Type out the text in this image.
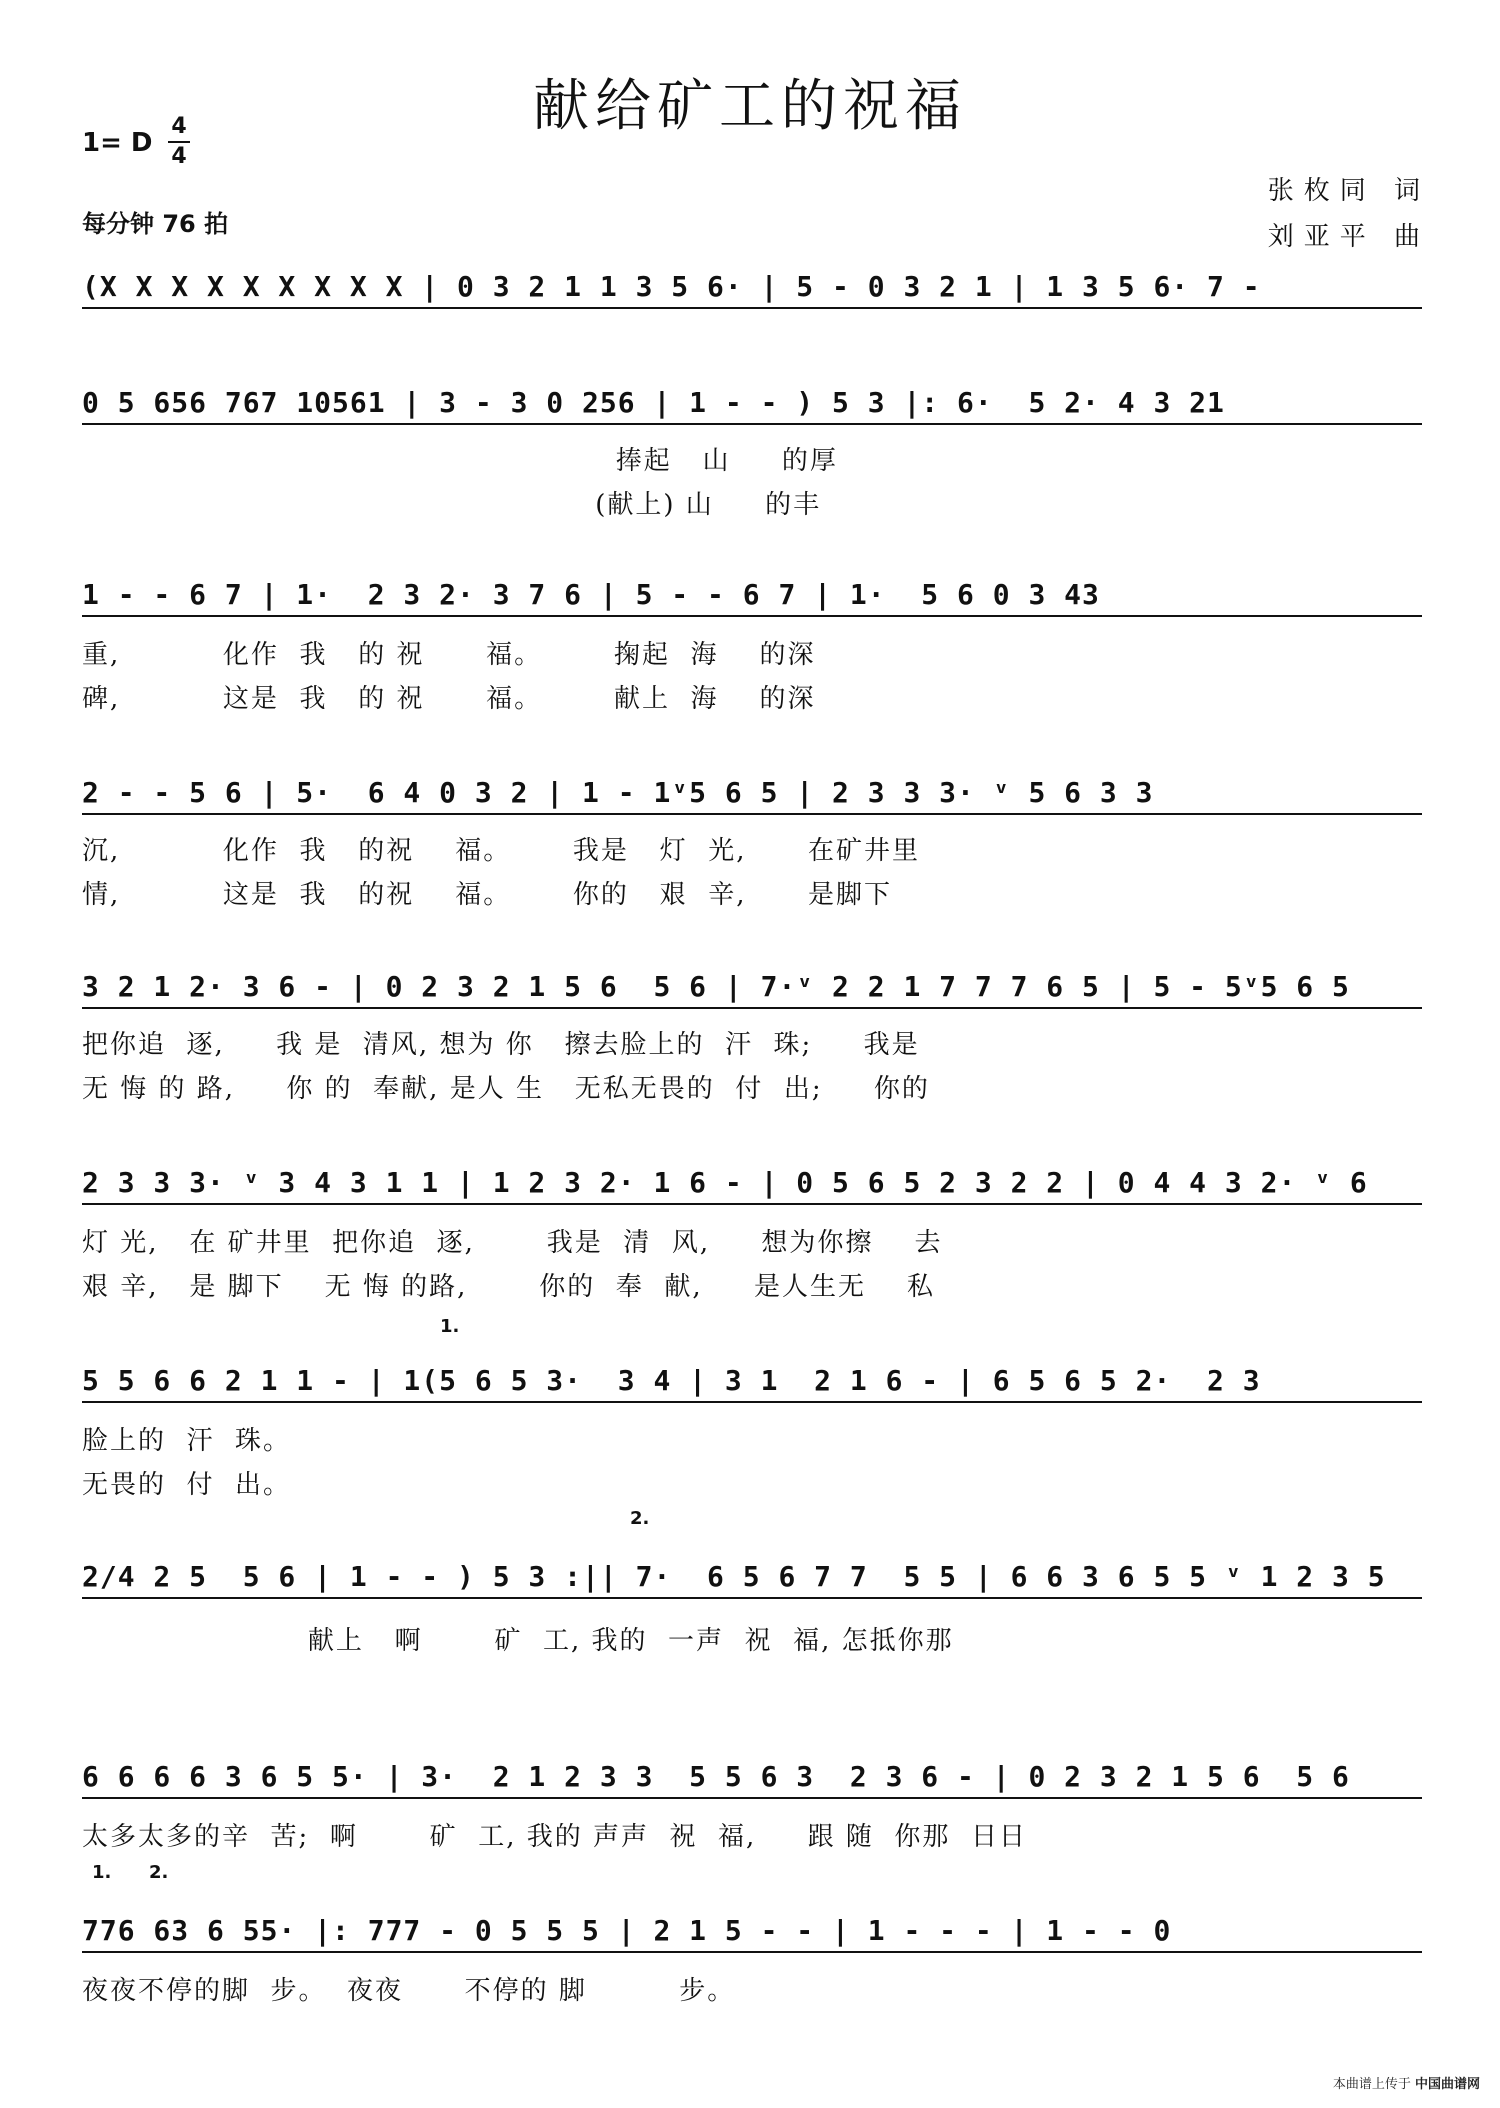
献给矿工的祝福
1= D
4
4
每分钟 76 拍
张枚同 词
刘亚平 曲
(X X X X X X X X X | 0 3 2 1 1 3 5 6· | 5 - 0 3 2 1 | 1 3 5 6· 7 -
0 5 656 767 10561 | 3 - 3 0 256 | 1 - - ) 5 3 |: 6·  5 2· 4 3 21
捧起   山     的厚
(献上) 山     的丰
1 - - 6 7 | 1·  2 3 2· 3 7 6 | 5 - - 6 7 | 1·  5 6 0 3 43
重,          化作  我   的 祝      福。       掬起  海    的深
碑,          这是  我   的 祝      福。       献上  海    的深
2 - - 5 6 | 5·  6 4 0 3 2 | 1 - 1ᵛ5 6 5 | 2 3 3 3· ᵛ 5 6 3 3
沉,          化作  我   的祝    福。      我是   灯  光,      在矿井里
情,          这是  我   的祝    福。      你的   艰  辛,      是脚下
3 2 1 2· 3 6 - | 0 2 3 2 1 5 6  5 6 | 7·ᵛ 2 2 1 7 7 7 6 5 | 5 - 5ᵛ5 6 5
把你追  逐,     我 是  清风, 想为 你   擦去脸上的  汗  珠;     我是
无 悔 的 路,     你 的  奉献, 是人 生   无私无畏的  付  出;     你的
2 3 3 3· ᵛ 3 4 3 1 1 | 1 2 3 2· 1 6 - | 0 5 6 5 2 3 2 2 | 0 4 4 3 2· ᵛ 6
灯 光,   在 矿井里  把你追  逐,       我是  清  风,     想为你擦    去
艰 辛,   是 脚下    无 悔 的路,       你的  奉  献,     是人生无    私
1.
5 5 6 6 2 1 1 - | 1(5 6 5 3·  3 4 | 3 1  2 1 6 - | 6 5 6 5 2·  2 3
脸上的  汗  珠。
无畏的  付  出。
2.
2/4 2 5  5 6 | 1 - - ) 5 3 :|| 7·  6 5 6 7 7  5 5 | 6 6 3 6 5 5 ᵛ 1 2 3 5
献上   啊       矿  工, 我的  一声  祝  福, 怎抵你那
6 6 6 6 3 6 5 5· | 3·  2 1 2 3 3  5 5 6 3  2 3 6 - | 0 2 3 2 1 5 6  5 6
太多太多的辛  苦;  啊       矿  工, 我的 声声  祝  福,     跟 随  你那  日日
1.      2.
776 63 6 55· |: 777 - 0 5 5 5 | 2 1 5 - - | 1 - - - | 1 - - 0
夜夜不停的脚  步。  夜夜      不停的 脚         步。
本曲谱上传于 中国曲谱网
